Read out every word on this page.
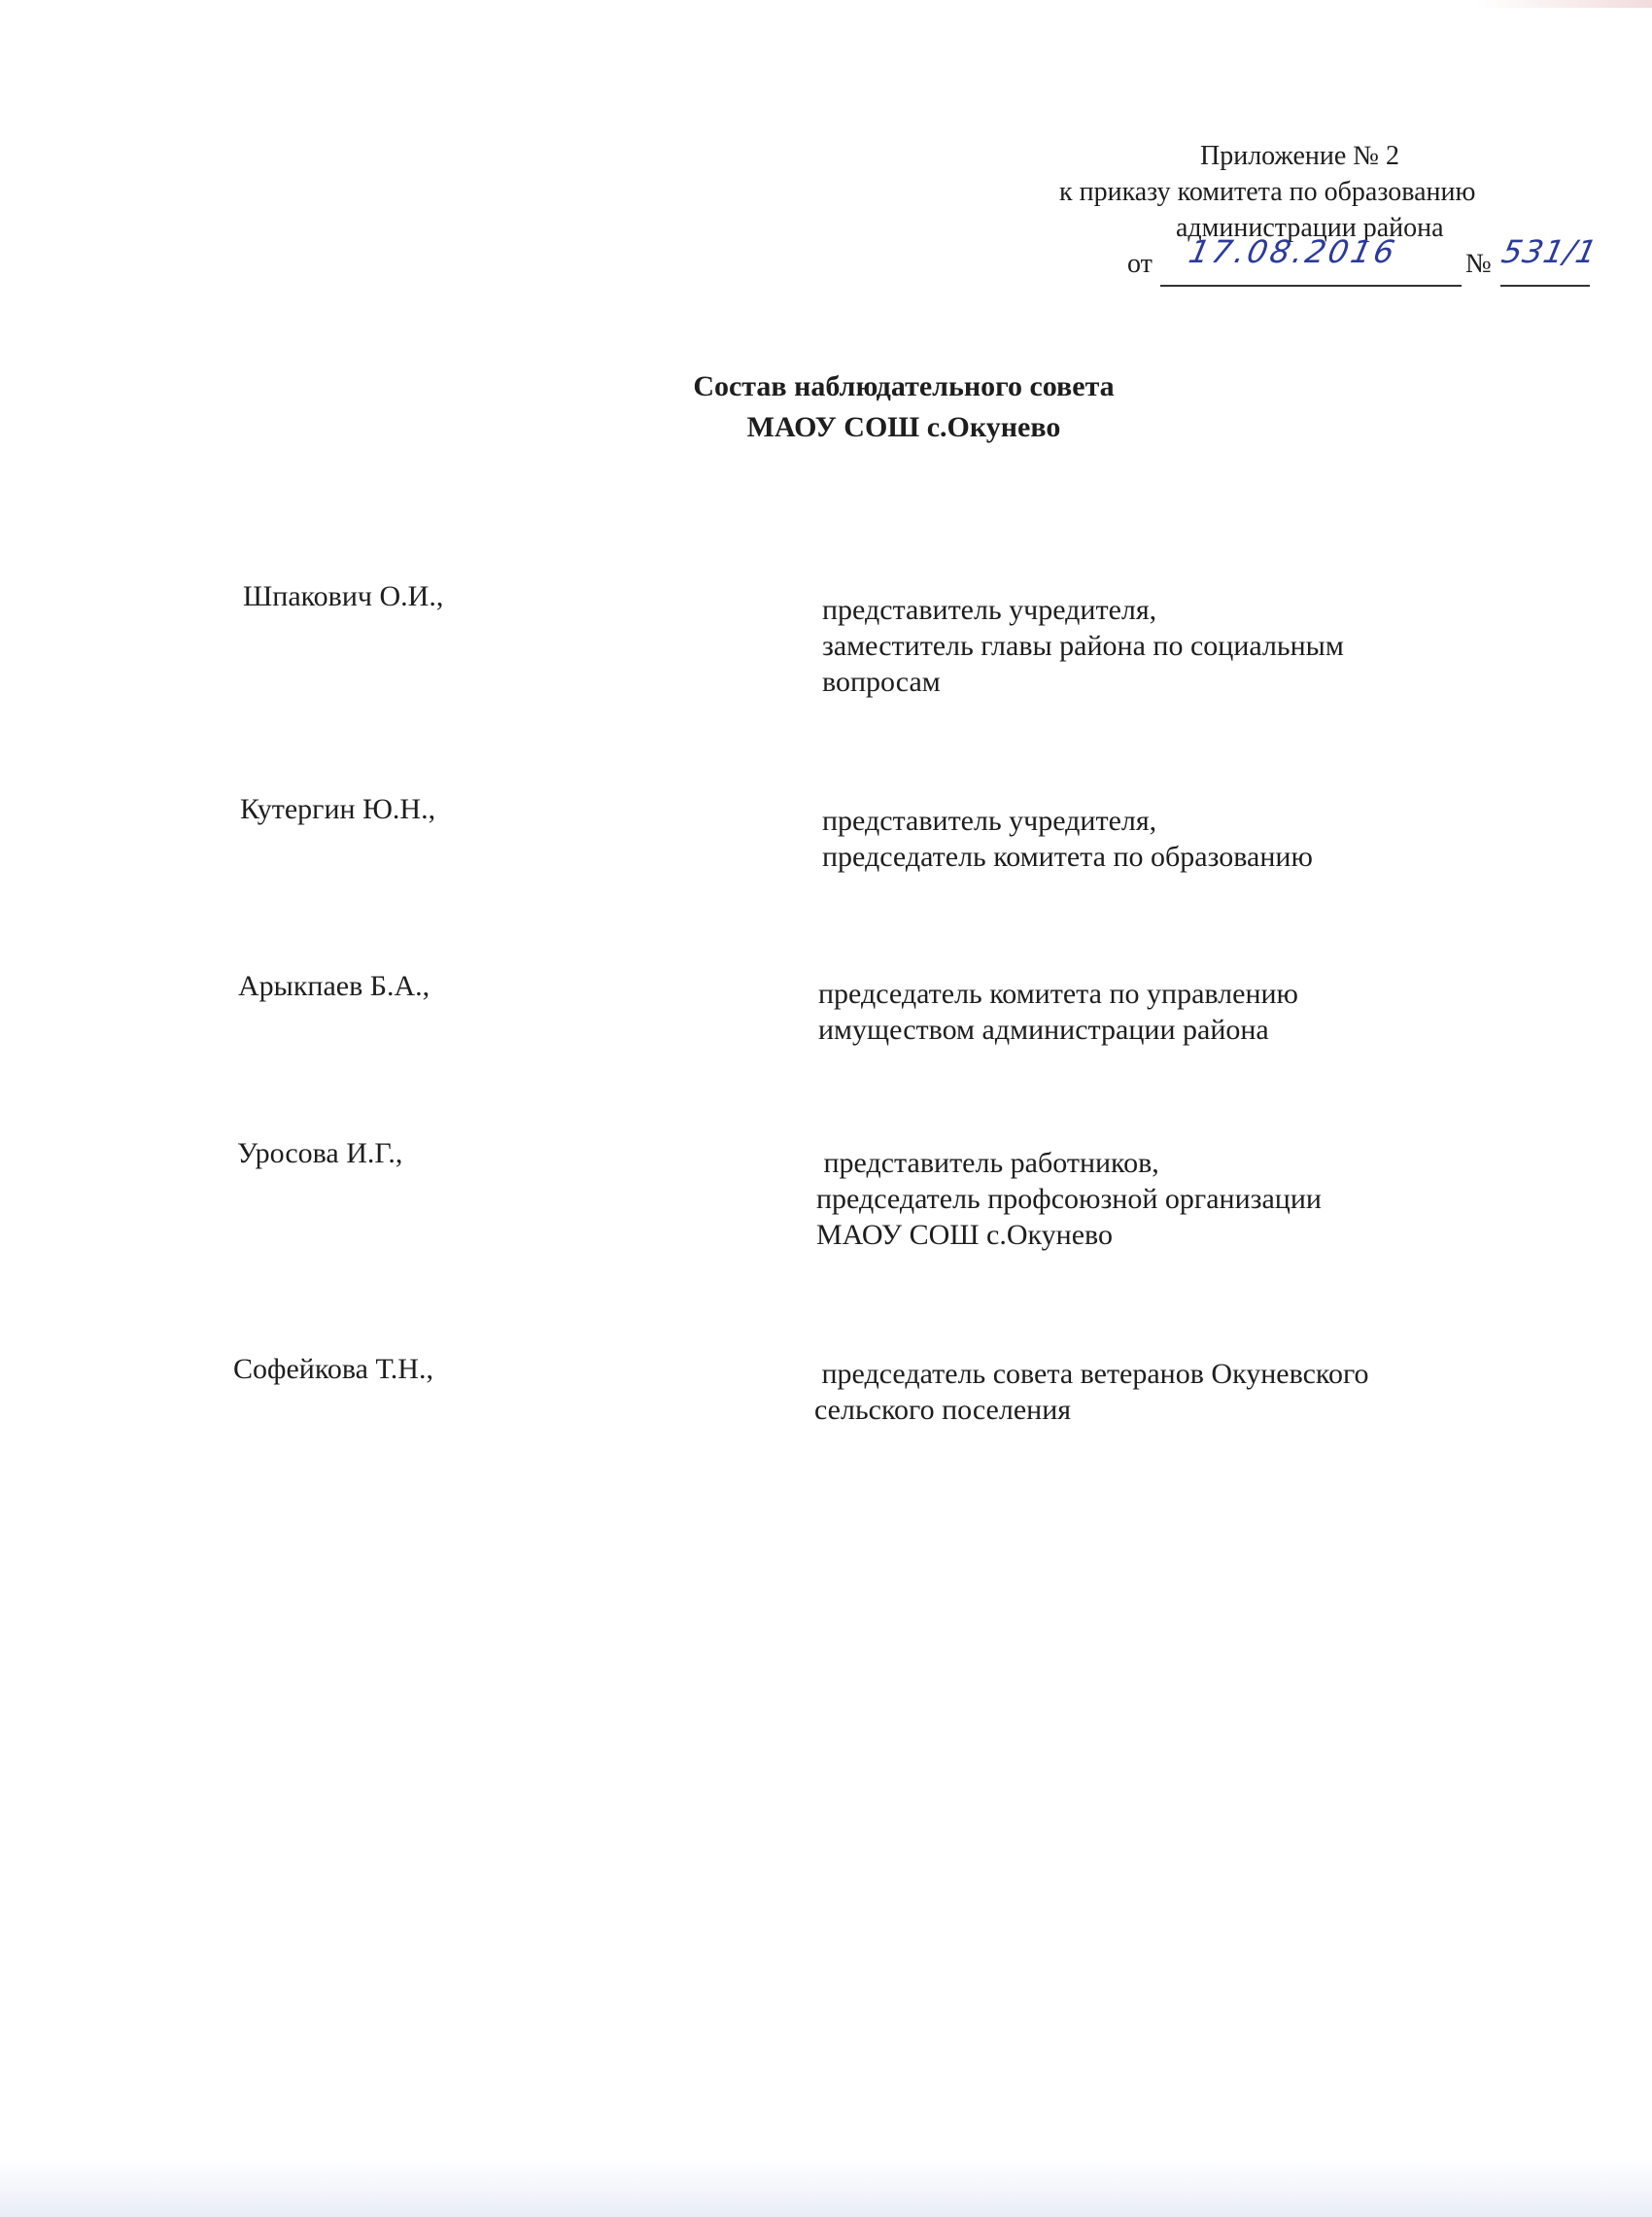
Приложение № 2
к приказу комитета по образованию
администрации района
от 17.08.2016 № 531/1
Состав наблюдательного совета
МАОУ СОШ с.Окунево
Шпакович О.И.,	представитель учредителя,
заместитель главы района по социальным
вопросам
Кутергин Ю.Н.,	представитель учредителя,
председатель комитета по образованию
Арыкпаев Б.А.,	председатель комитета по управлению
имуществом администрации района
Уросова И.Г.,	представитель работников,
председатель профсоюзной организации
МАОУ СОШ с.Окунево
Софейкова Т.Н.,	председатель совета ветеранов Окуневского
сельского поселения
